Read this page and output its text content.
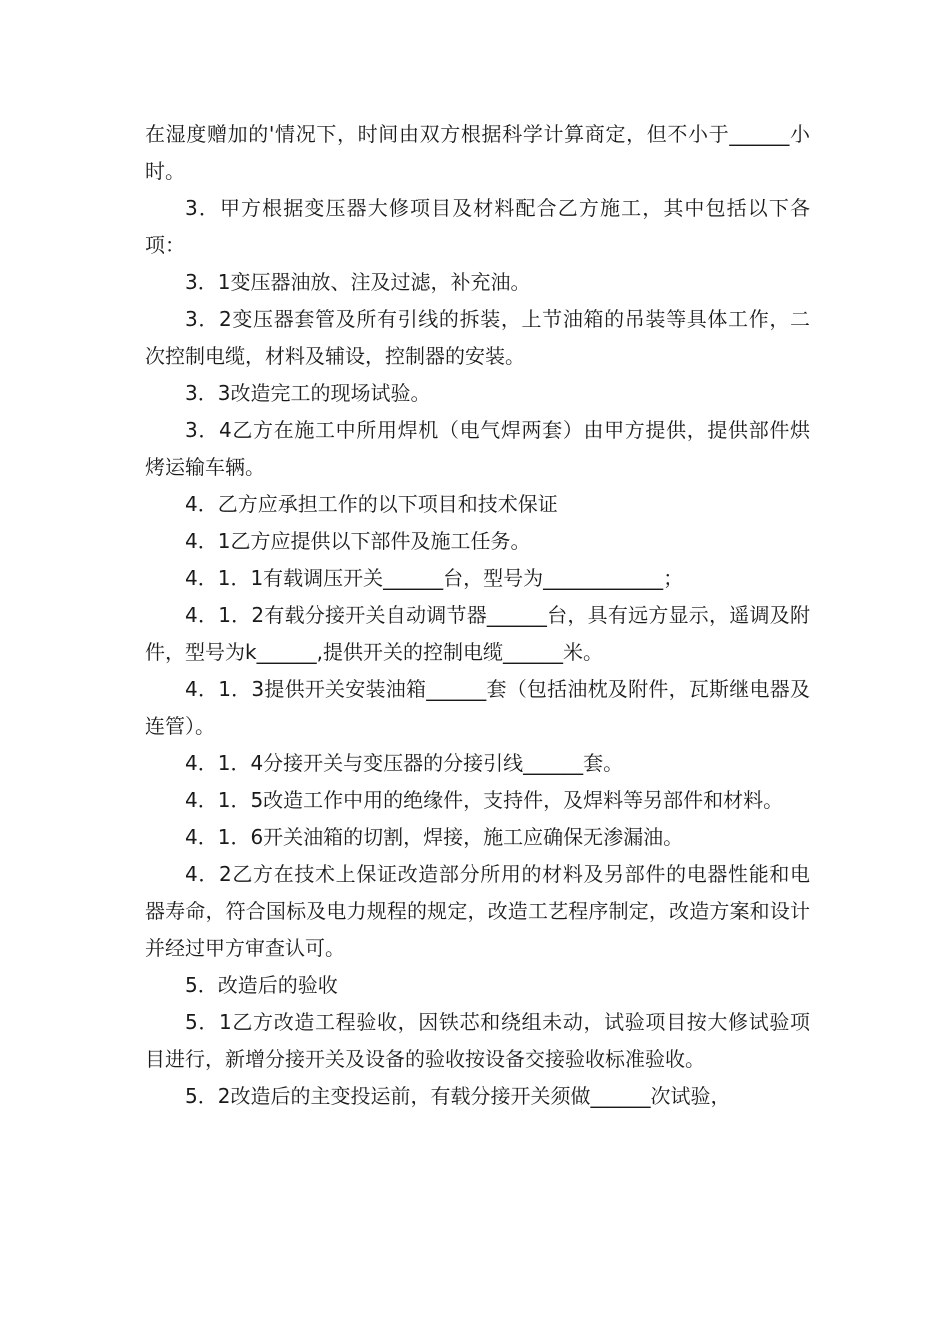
在湿度赠加的'情况下，时间由双方根据科学计算商定，但不小于______小时。

3．甲方根据变压器大修项目及材料配合乙方施工，其中包括以下各项：

3．1变压器油放、注及过滤，补充油。

3．2变压器套管及所有引线的拆装，上节油箱的吊装等具体工作，二次控制电缆，材料及辅设，控制器的安装。

3．3改造完工的现场试验。

3．4乙方在施工中所用焊机（电气焊两套）由甲方提供，提供部件烘烤运输车辆。

4．乙方应承担工作的以下项目和技术保证

4．1乙方应提供以下部件及施工任务。

4．1．1有载调压开关______台，型号为____________；

4．1．2有载分接开关自动调节器______台，具有远方显示，遥调及附件，型号为k______,提供开关的控制电缆______米。

4．1．3提供开关安装油箱______套（包括油枕及附件，瓦斯继电器及连管）。

4．1．4分接开关与变压器的分接引线______套。

4．1．5改造工作中用的绝缘件，支持件，及焊料等另部件和材料。

4．1．6开关油箱的切割，焊接，施工应确保无渗漏油。

4．2乙方在技术上保证改造部分所用的材料及另部件的电器性能和电器寿命，符合国标及电力规程的规定，改造工艺程序制定，改造方案和设计并经过甲方审查认可。

5．改造后的验收

5．1乙方改造工程验收，因铁芯和绕组未动，试验项目按大修试验项目进行，新增分接开关及设备的验收按设备交接验收标准验收。

5．2改造后的主变投运前，有载分接开关须做______次试验，
